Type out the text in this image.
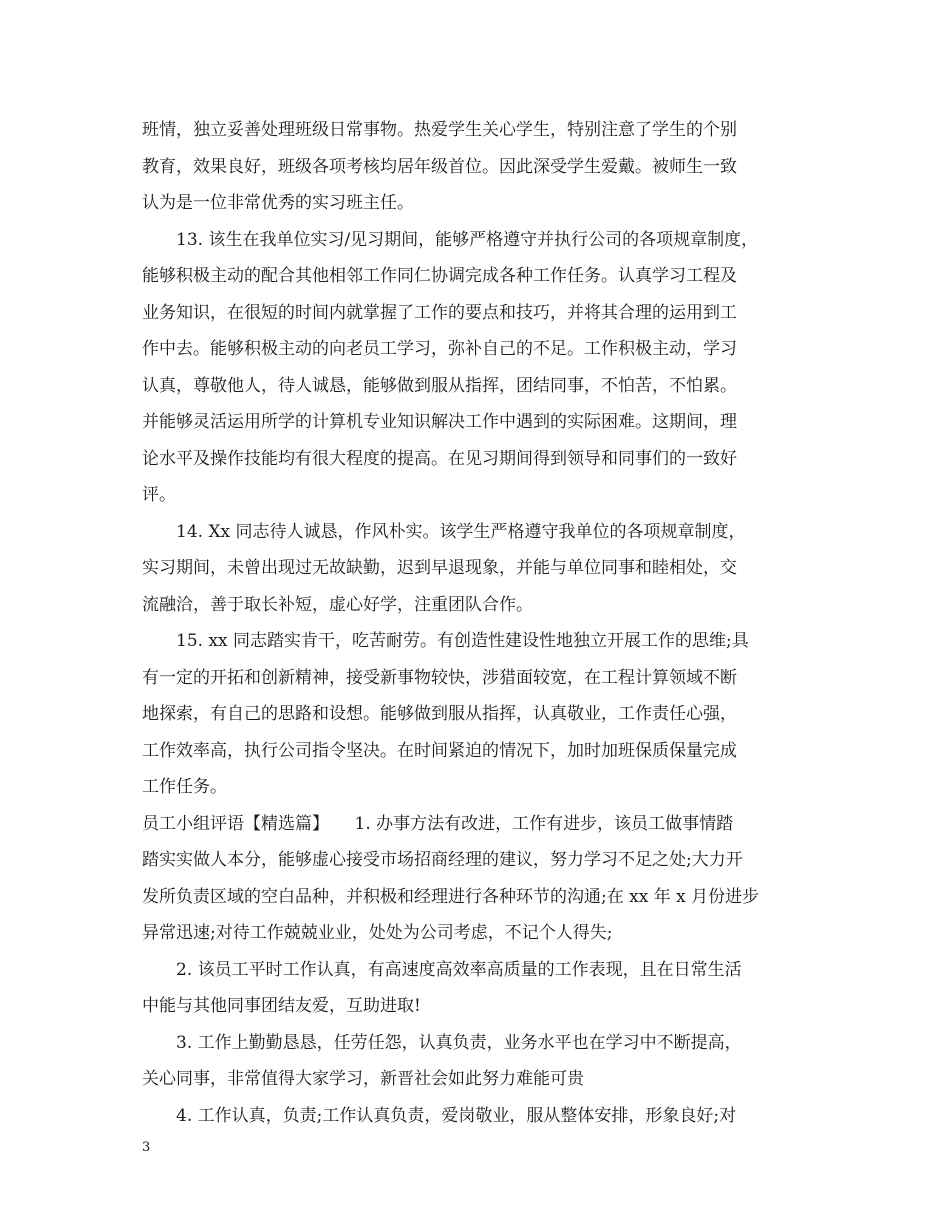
班情，独立妥善处理班级日常事物。热爱学生关心学生，特别注意了学生的个别
教育，效果良好，班级各项考核均居年级首位。因此深受学生爱戴。被师生一致
认为是一位非常优秀的实习班主任。
13. 该生在我单位实习/见习期间，能够严格遵守并执行公司的各项规章制度，
能够积极主动的配合其他相邻工作同仁协调完成各种工作任务。认真学习工程及
业务知识，在很短的时间内就掌握了工作的要点和技巧，并将其合理的运用到工
作中去。能够积极主动的向老员工学习，弥补自己的不足。工作积极主动，学习
认真，尊敬他人，待人诚恳，能够做到服从指挥，团结同事，不怕苦，不怕累。
并能够灵活运用所学的计算机专业知识解决工作中遇到的实际困难。这期间，理
论水平及操作技能均有很大程度的提高。在见习期间得到领导和同事们的一致好
评。
14. Xx 同志待人诚恳，作风朴实。该学生严格遵守我单位的各项规章制度，
实习期间，未曾出现过无故缺勤，迟到早退现象，并能与单位同事和睦相处，交
流融洽，善于取长补短，虚心好学，注重团队合作。
15. xx 同志踏实肯干，吃苦耐劳。有创造性建设性地独立开展工作的思维;具
有一定的开拓和创新精神，接受新事物较快，涉猎面较宽，在工程计算领域不断
地探索，有自己的思路和设想。能够做到服从指挥，认真敬业，工作责任心强，
工作效率高，执行公司指令坚决。在时间紧迫的情况下，加时加班保质保量完成
工作任务。
员工小组评语【精选篇】　　1. 办事方法有改进，工作有进步，该员工做事情踏
踏实实做人本分，能够虚心接受市场招商经理的建议，努力学习不足之处;大力开
发所负责区域的空白品种，并积极和经理进行各种环节的沟通;在 xx 年 x 月份进步
异常迅速;对待工作兢兢业业，处处为公司考虑，不记个人得失;
2. 该员工平时工作认真，有高速度高效率高质量的工作表现，且在日常生活
中能与其他同事团结友爱，互助进取!
3. 工作上勤勤恳恳，任劳任怨，认真负责，业务水平也在学习中不断提高，
关心同事，非常值得大家学习，新晋社会如此努力难能可贵
4. 工作认真，负责;工作认真负责，爱岗敬业，服从整体安排，形象良好;对
3
